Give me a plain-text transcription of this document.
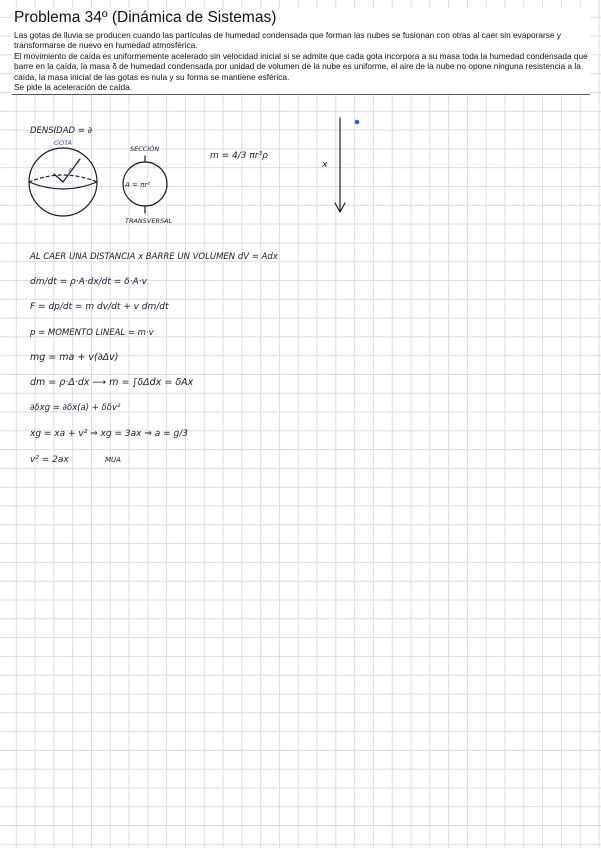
Problema 34º (Dinámica de Sistemas)

Las gotas de lluvia se producen cuando las partículas de humedad condensada que forman las nubes se fusionan con otras al caer sin evaporarse y transformarse de nuevo en humedad atmosférica.

El movimiento de caída es uniformemente acelerado sin velocidad inicial si se admite que cada gota incorpora a su masa toda la humedad condensada que barre en la caída, la masa δ de humedad condensada por unidad de volumen de la nube es uniforme, el aire de la nube no opone ninguna resistencia a la caída, la masa inicial de las gotas es nula y su forma se mantiene esférica.

Se pide la aceleración de caída.

DENSIDAD = ∂
GOTA
r
SECCIÓN
A = πr²
TRANSVERSAL
m = 4/3 πr³ρ
x
AL CAER UNA DISTANCIA x BARRE UN VOLUMEN dV = Adx
dm/dt = ρ·A·dx/dt = δ·A·v
F = dp/dt = m dv/dt + v dm/dt
p = MOMENTO LINEAL = m·v
mg = ma + v(∂Δv)
dm = ρ·Δ·dx ⟶ m = ∫δΔdx = δAx
∂δxg = ∂δx(a) + δδv²
xg = xa + v² ⇒ xg = 3ax ⇒ a = g/3
v² = 2ax	MUA
